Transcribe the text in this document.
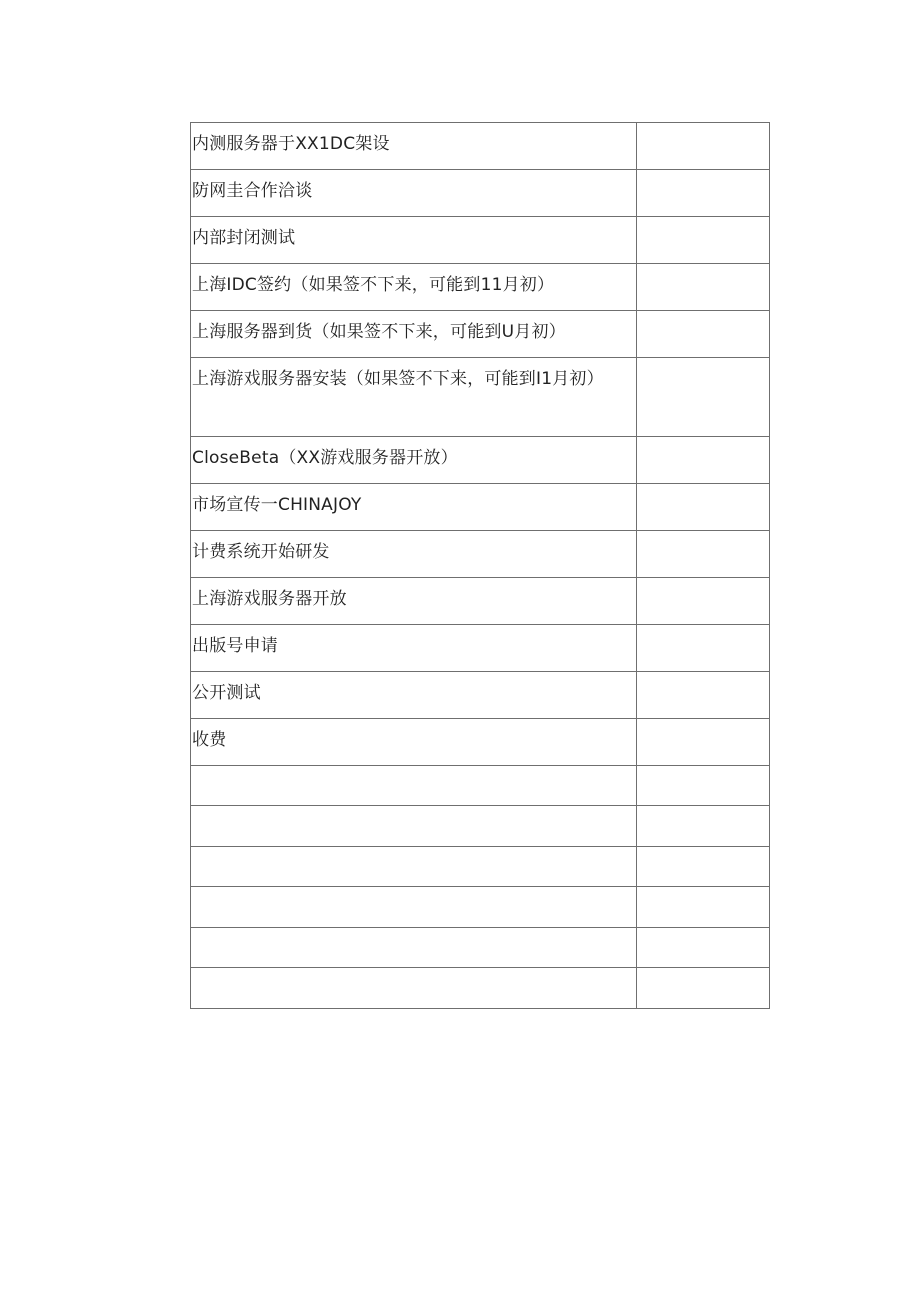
内测服务器于XX1DC架设	
防网圭合作洽谈	
内部封闭测试	
上海IDC签约（如果签不下来，可能到11月初）	
上海服务器到货（如果签不下来，可能到U月初）	
上海游戏服务器安装（如果签不下来，可能到I1月初）	
CloseBeta（XX游戏服务器开放）	
市场宣传一CHINAJOY	
计费系统开始研发	
上海游戏服务器开放	
出版号申请	
公开测试	
收费	
